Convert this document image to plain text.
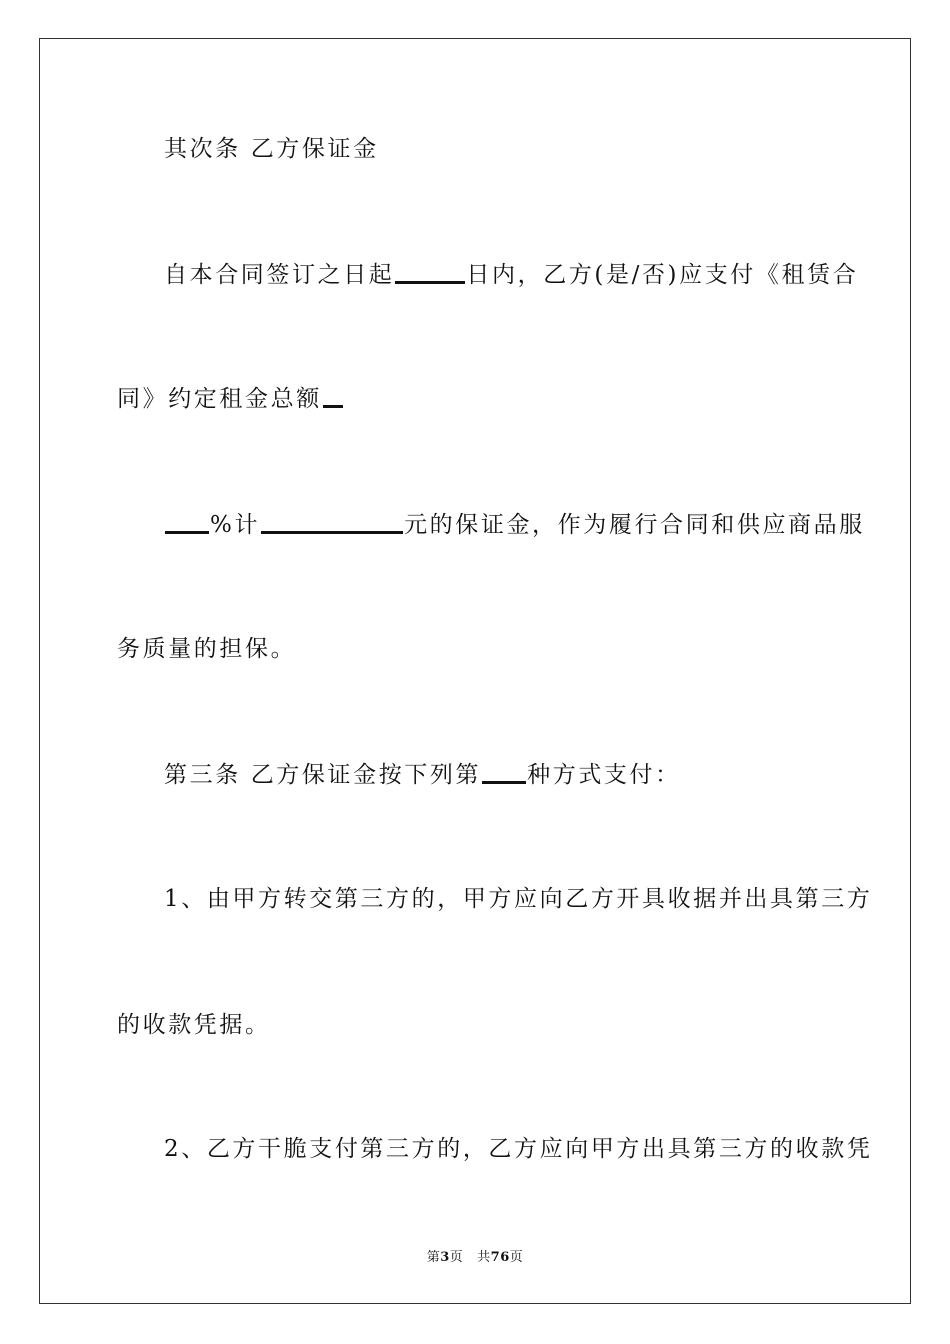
其次条 乙方保证金
自本合同签订之日起	日内，乙方(是/否)应支付《租赁合
同》约定租金总额
%计	元的保证金，作为履行合同和供应商品服
务质量的担保。
第三条 乙方保证金按下列第 种方式支付：
1、由甲方转交第三方的，甲方应向乙方开具收据并出具第三方
的收款凭据。
2、乙方干脆支付第三方的，乙方应向甲方出具第三方的收款凭
第3页   共76页
